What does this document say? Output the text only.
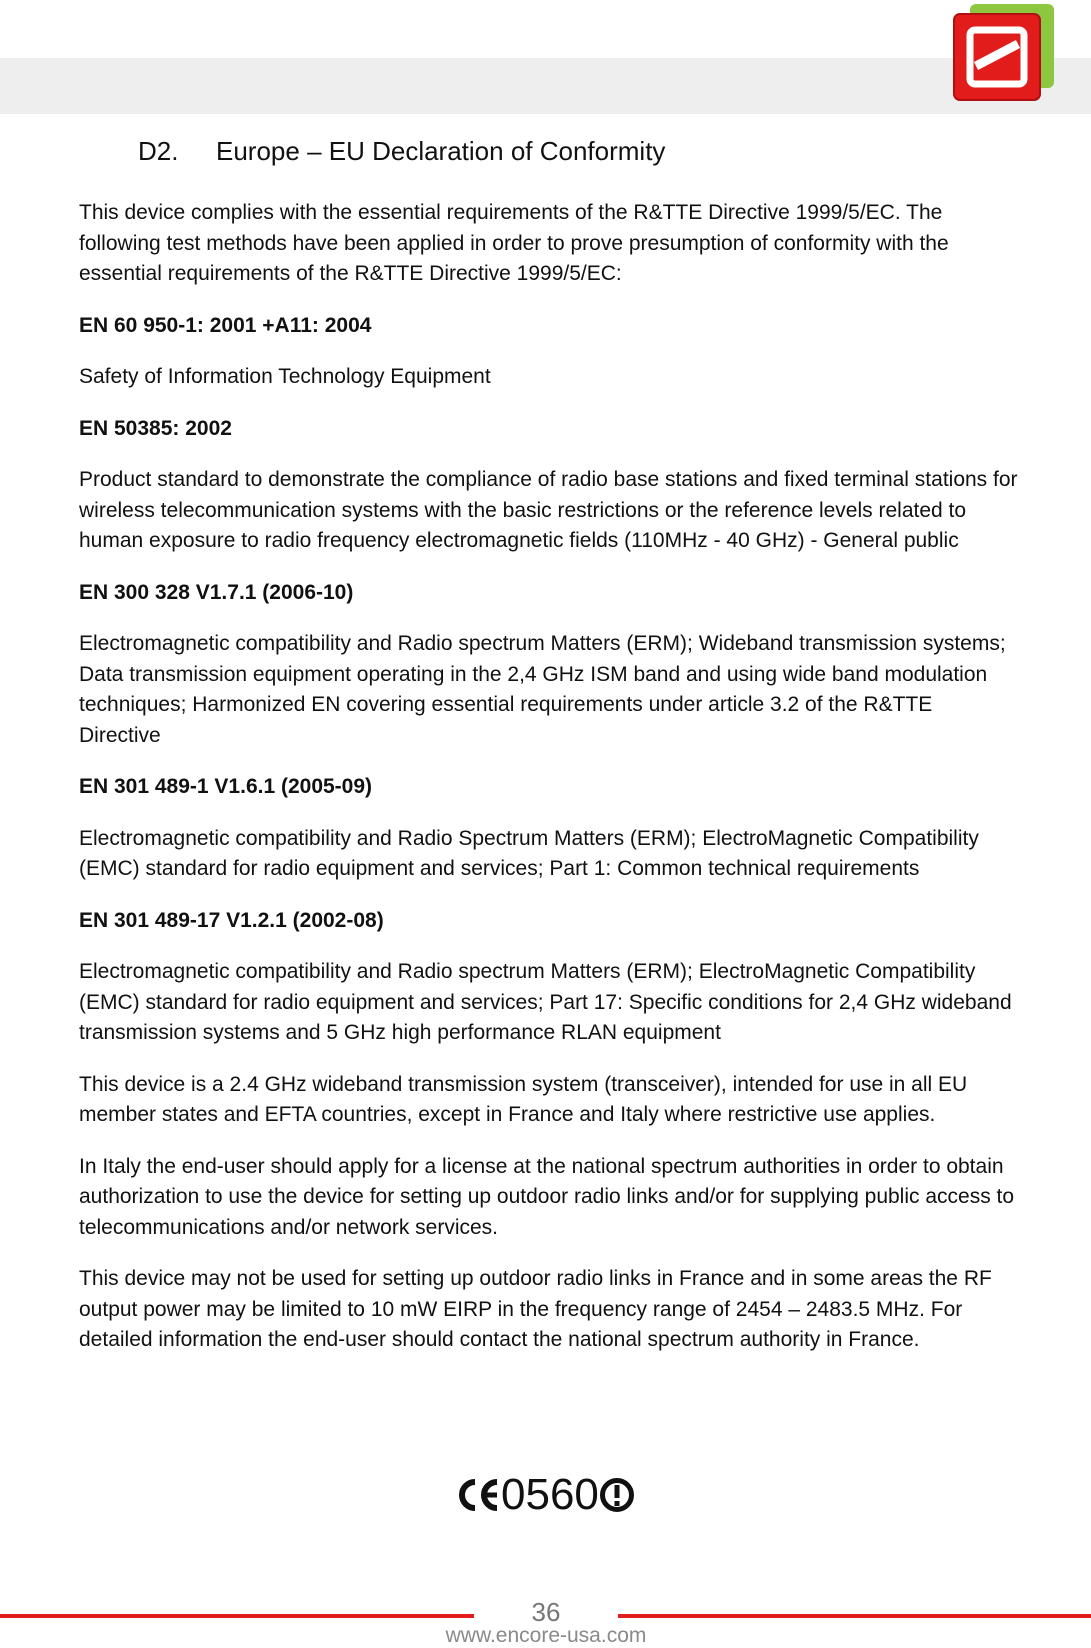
D2. Europe – EU Declaration of Conformity

This device complies with the essential requirements of the R&TTE Directive 1999/5/EC. The following test methods have been applied in order to prove presumption of conformity with the essential requirements of the R&TTE Directive 1999/5/EC:

EN 60 950-1: 2001 +A11: 2004

Safety of Information Technology Equipment

EN 50385: 2002

Product standard to demonstrate the compliance of radio base stations and fixed terminal stations for wireless telecommunication systems with the basic restrictions or the reference levels related to human exposure to radio frequency electromagnetic fields (110MHz - 40 GHz) - General public

EN 300 328 V1.7.1 (2006-10)

Electromagnetic compatibility and Radio spectrum Matters (ERM); Wideband transmission systems; Data transmission equipment operating in the 2,4 GHz ISM band and using wide band modulation techniques; Harmonized EN covering essential requirements under article 3.2 of the R&TTE Directive

EN 301 489-1 V1.6.1 (2005-09)

Electromagnetic compatibility and Radio Spectrum Matters (ERM); ElectroMagnetic Compatibility (EMC) standard for radio equipment and services; Part 1: Common technical requirements

EN 301 489-17 V1.2.1 (2002-08)

Electromagnetic compatibility and Radio spectrum Matters (ERM); ElectroMagnetic Compatibility (EMC) standard for radio equipment and services; Part 17: Specific conditions for 2,4 GHz wideband transmission systems and 5 GHz high performance RLAN equipment

This device is a 2.4 GHz wideband transmission system (transceiver), intended for use in all EU member states and EFTA countries, except in France and Italy where restrictive use applies.

In Italy the end-user should apply for a license at the national spectrum authorities in order to obtain authorization to use the device for setting up outdoor radio links and/or for supplying public access to telecommunications and/or network services.

This device may not be used for setting up outdoor radio links in France and in some areas the RF output power may be limited to 10 mW EIRP in the frequency range of 2454 – 2483.5 MHz. For detailed information the end-user should contact the national spectrum authority in France.

0560
36
www.encore-usa.com
